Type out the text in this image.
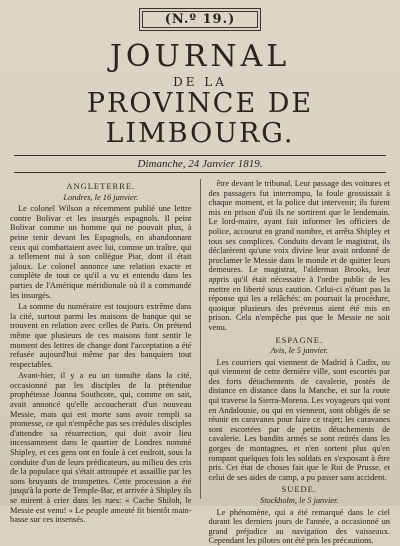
(N.º 19.)
JOURNAL
DE LA
PROVINCE DE LIMBOURG.
Dimanche, 24 Janvier 1819.
ANGLETERRE.
Londres, le 16 janvier.

Le colonel Wilson a récemment publié une lettre contre Bolivar et les insurgés espagnols. Il peint Bolivar comme un homme qui ne pouvait plus, à peine tenir devant les Espagnols, en abandonnant ceux qui combattaient avec lui, comme un traître, qui a tellement nui à son collègue Piar, dont il était jaloux. Le colonel annonce une relation exacte et complète de tout ce qu'il a vu et entendu dans les parties de l'Amérique méridionale où il a commandé les insurgés.

La somme du numéraire est toujours extrême dans la cité, surtout parmi les maisons de banque qui se trouvent en relation avec celles de Paris. On prétend même que plusieurs de ces maisons font sentir le moment des lettres de change dont l'acceptation a été refusée aujourd'hui même par des banquiers tout respectables.

Avant-hier, il y a eu un tumulte dans la cité, occasionné par les disciples de la prétendue prophétesse Joanna Southcote, qui, comme on sait, avait annoncé qu'elle accoucherait d'un nouveau Messie, mais qui est morte sans avoir rempli sa promesse, ce qui n'empêche pas ses crédules disciples d'attendre sa résurrection, qui doit avoir lieu incessamment dans le quartier de Londres nommé Shipley, et ces gens ont en foule à cet endroit, sous la conduite d'un de leurs prédicateurs, au milieu des cris de la populace qui s'était attroupée et assaillie par les sons bruyants de trompettes. Cette procession a été jusqu'à la porte de Temple-Bar, et arrivée à Shipley ils se mirent à crier dans les rues: « Cache Shiloh, le Messie est venu! » Le peuple ameuté fit bientôt main-basse sur ces insensés.

être devant le tribunal. Leur passage des voitures et des passagers fut interrompu, la foule grossissait à chaque moment, et la police dut intervenir; ils furent mis en prison d'où ils ne sortirent que le lendemain. Le lord-maire, ayant fait informer les officiers de police, accourut en grand nombre, et arrêta Shipley et tous ses complices. Conduits devant le magistrat, ils déclarèrent qu'une voix divine leur avait ordonné de proclamer le Messie dans le monde et de quitter leurs demeures. Le magistrat, l'alderman Brooks, leur appris qu'il était nécessaire à l'ordre public de les mettre en liberté sous caution. Celui-ci n'étant pas la réponse qui les a relâchés: on poursuit la procédure, quoique plusieurs des prévenus aient été mis en prison. Cela n'empêche pas que le Messie ne soit venu.

ESPAGNE.
Avis, le 5 janvier.

Les courriers qui viennent de Madrid à Cadix, ou qui viennent de cette dernière ville, sont escortés par des forts détachements de cavalerie, postés de distance en distance dans la Manche, et sur la route qui traverse la Sierra-Morena. Les voyageurs qui vont en Andalousie, ou qui en viennent, sont obligés de se réunir en caravanes pour faire ce trajet; les caravanes sont escortées par de petits détachements de cavalerie. Les bandits armés se sont retirés dans les gorges de montagnes, et n'en sortent plus qu'en rompant quelques fois les soldats en s'exposant à être pris. Cet état de choses fait que le Roi de Prusse, et celui de ses aides de camp, a pu passer sans accident.

SUEDE.
Stockholm, le 5 janvier.

Le phénomène, qui a été remarqué dans le ciel durant les derniers jours de l'année, a occasionné un grand préjudice au navigation des vaisseaux. Cependant les pilotes ont été pris les précautions.
